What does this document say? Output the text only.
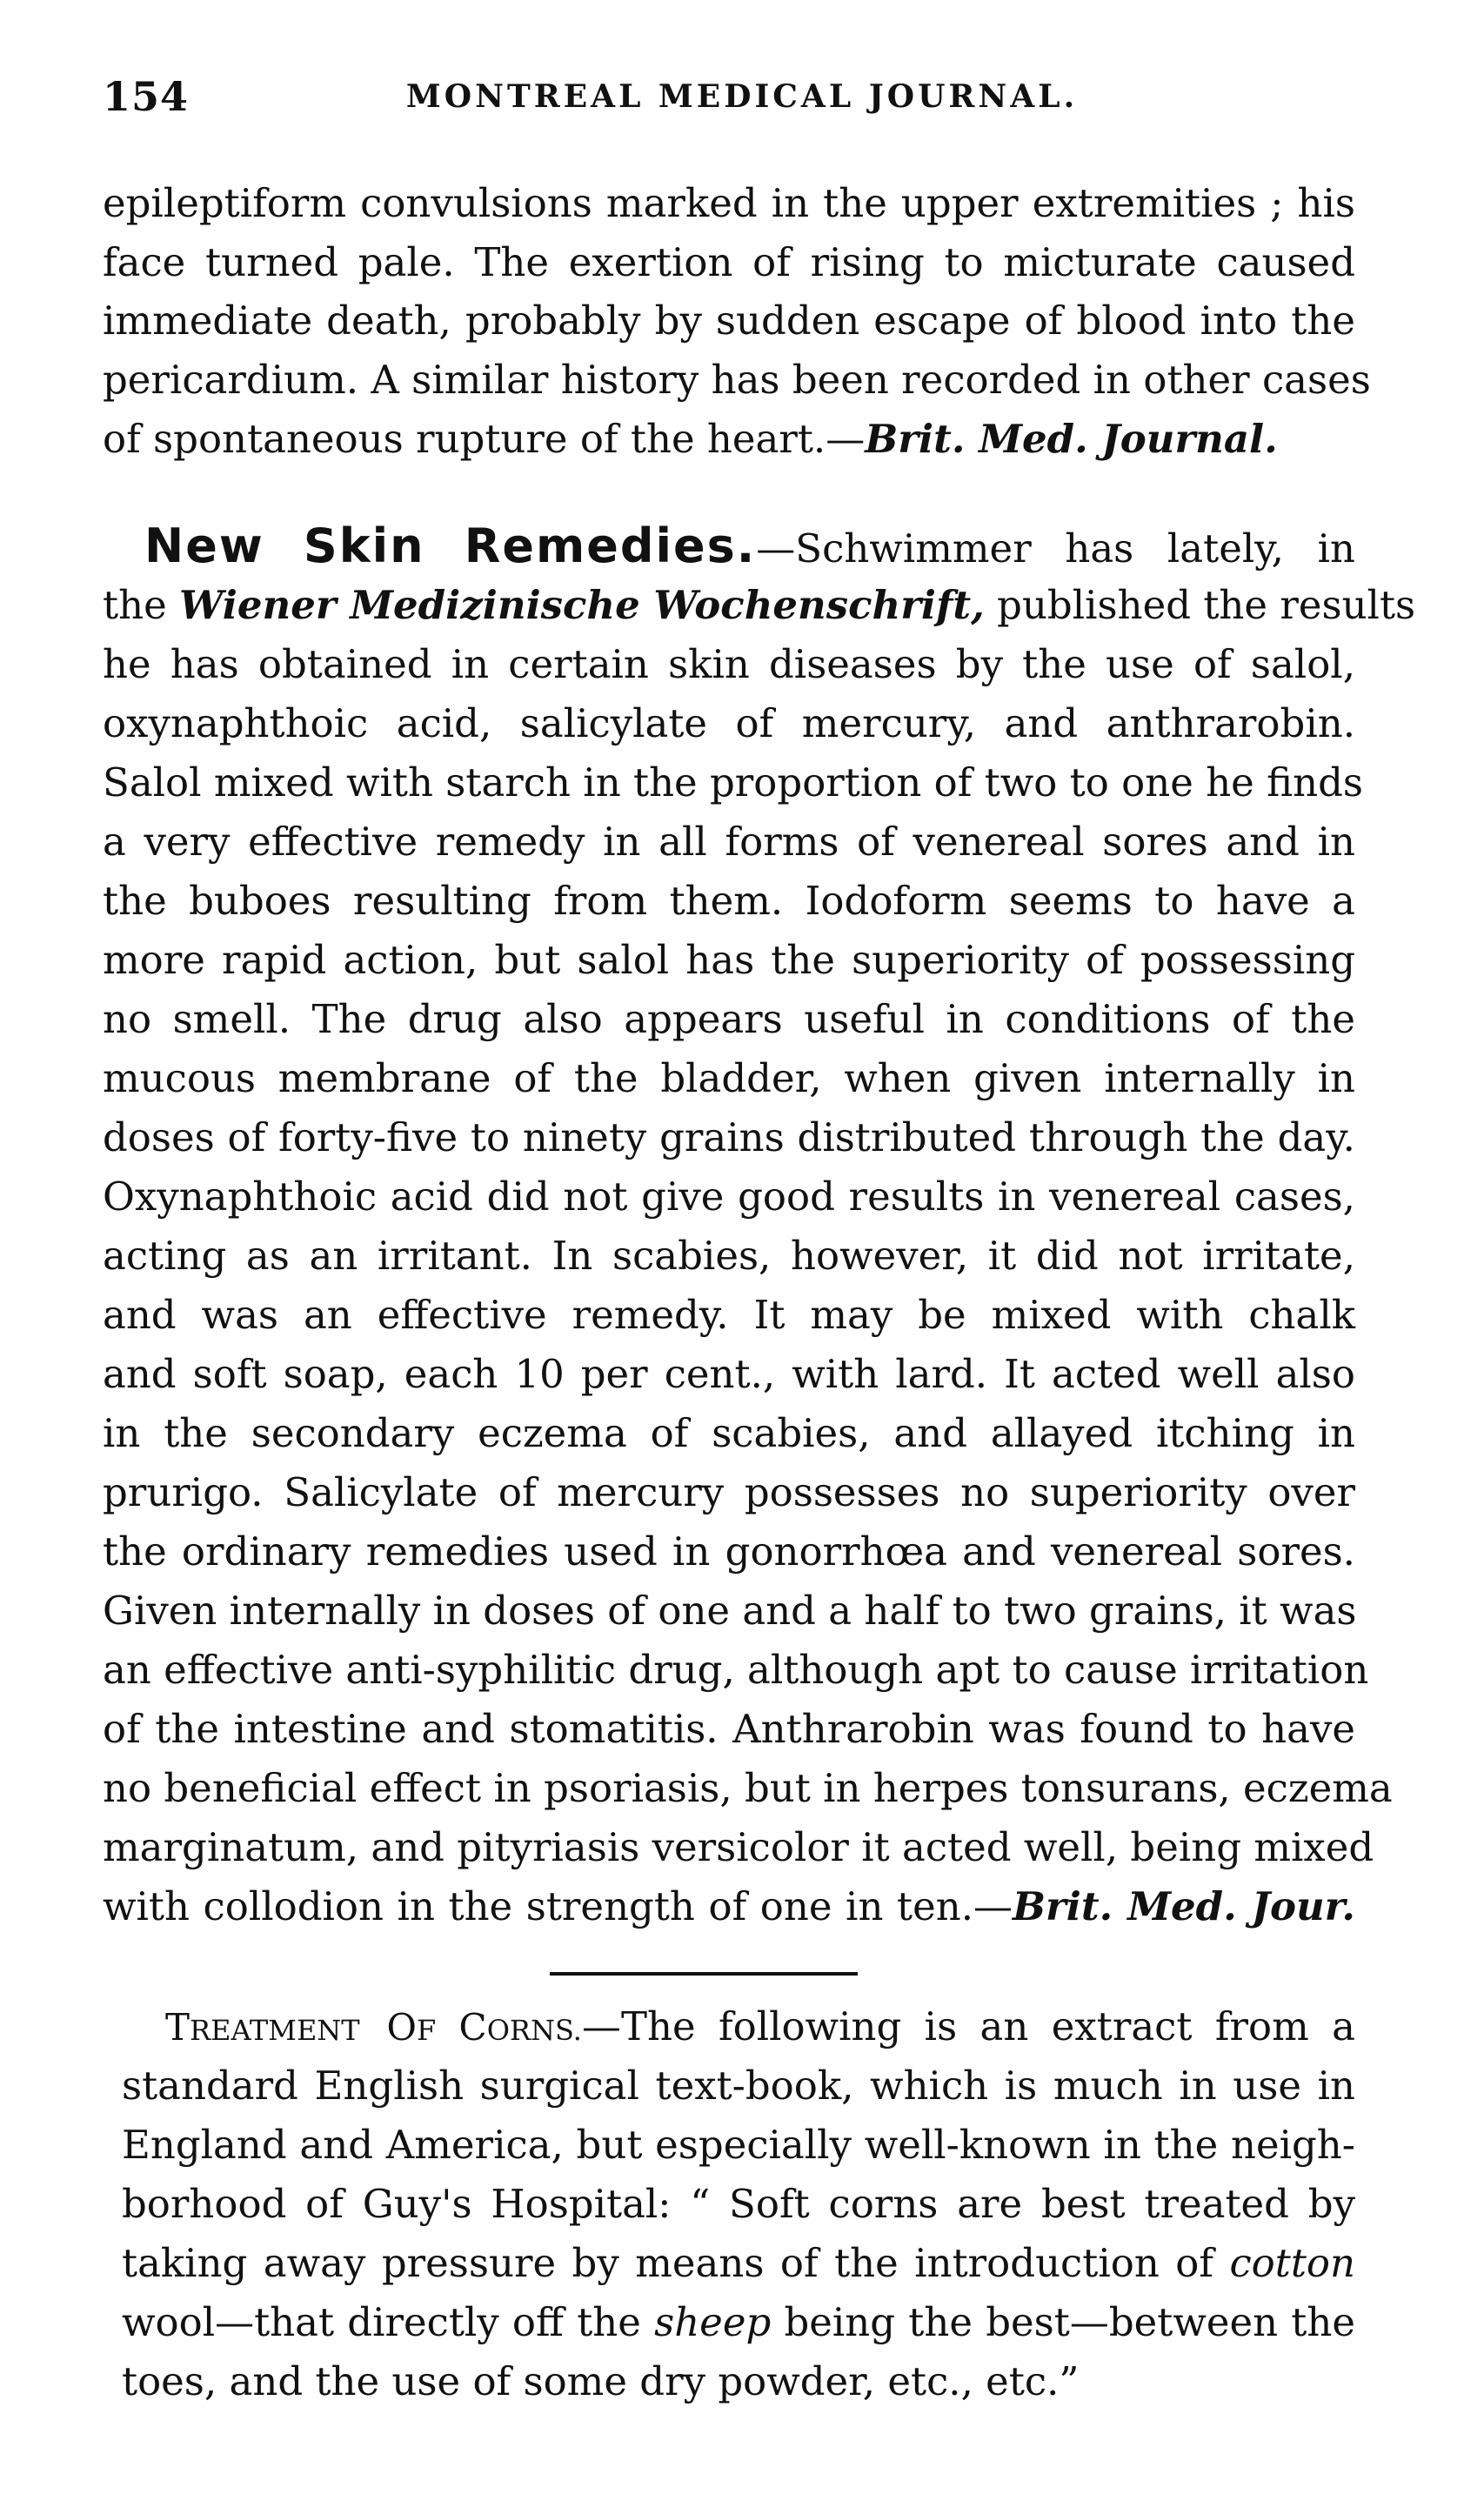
154	MONTREAL MEDICAL JOURNAL.
epileptiform convulsions marked in the upper extremities ; his
face turned pale. The exertion of rising to micturate caused
immediate death, probably by sudden escape of blood into the
pericardium. A similar history has been recorded in other cases
of spontaneous rupture of the heart.—Brit. Med. Journal.
New Skin Remedies.—Schwimmer has lately, in
the Wiener Medizinische Wochenschrift, published the results
he has obtained in certain skin diseases by the use of salol,
oxynaphthoic acid, salicylate of mercury, and anthrarobin.
Salol mixed with starch in the proportion of two to one he finds
a very effective remedy in all forms of venereal sores and in
the buboes resulting from them. Iodoform seems to have a
more rapid action, but salol has the superiority of possessing
no smell. The drug also appears useful in conditions of the
mucous membrane of the bladder, when given internally in
doses of forty-five to ninety grains distributed through the day.
Oxynaphthoic acid did not give good results in venereal cases,
acting as an irritant. In scabies, however, it did not irritate,
and was an effective remedy. It may be mixed with chalk
and soft soap, each 10 per cent., with lard. It acted well also
in the secondary eczema of scabies, and allayed itching in
prurigo. Salicylate of mercury possesses no superiority over
the ordinary remedies used in gonorrhœa and venereal sores.
Given internally in doses of one and a half to two grains, it was
an effective anti-syphilitic drug, although apt to cause irritation
of the intestine and stomatitis. Anthrarobin was found to have
no beneficial effect in psoriasis, but in herpes tonsurans, eczema
marginatum, and pityriasis versicolor it acted well, being mixed
with collodion in the strength of one in ten.—Brit. Med. Jour.
TREATMENT  OF CORNS.—The following is an extract from a
standard English surgical text-book, which is much in use in
England and America, but especially well-known in the neigh-
borhood of Guy's Hospital: “ Soft corns are best treated by
taking away pressure by means of the introduction of cotton
wool—that directly off the sheep being the best—between the
toes, and the use of some dry powder, etc., etc.”
